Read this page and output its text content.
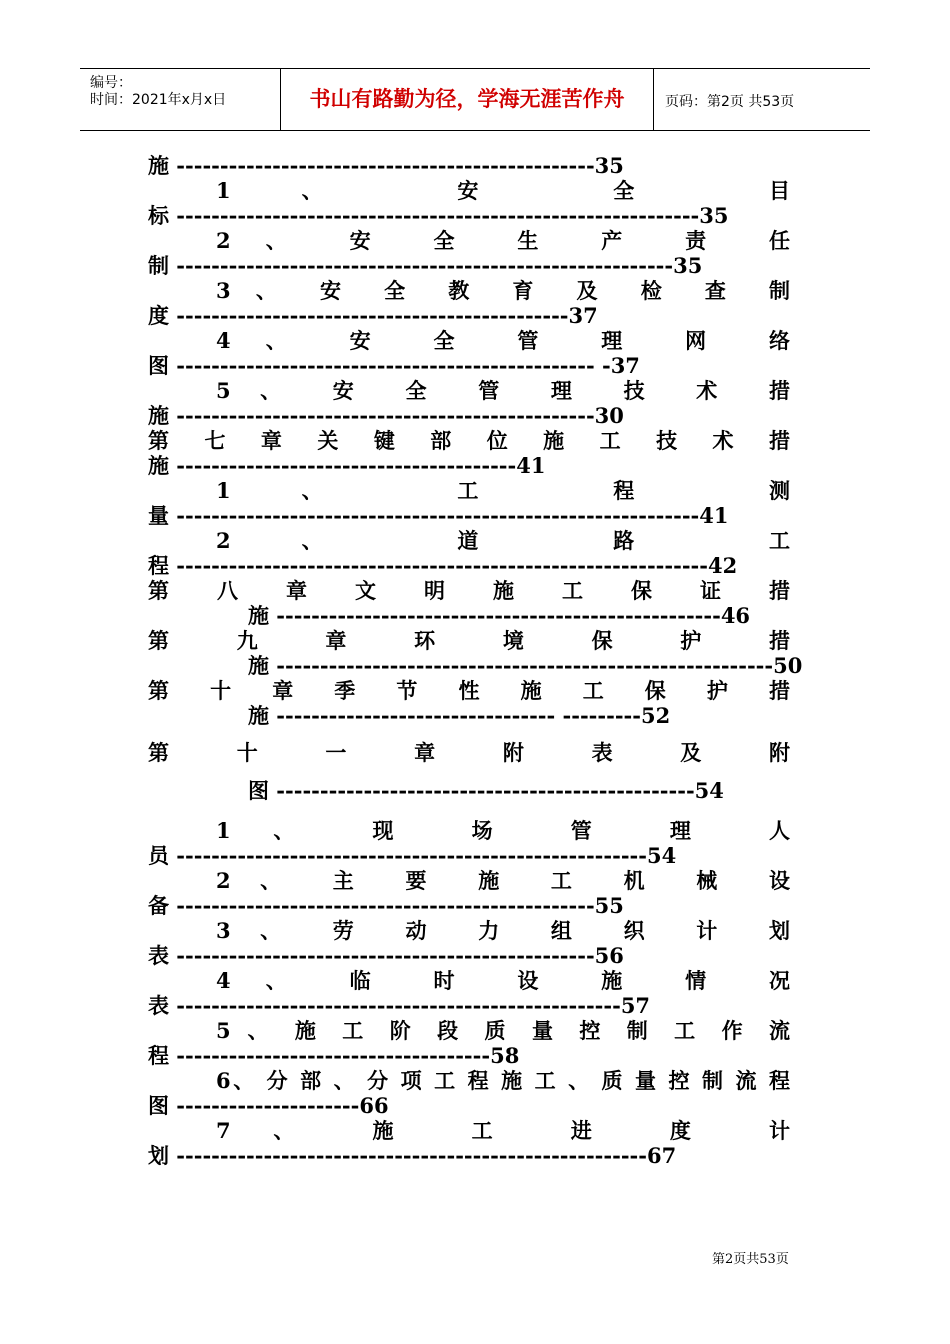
编号：
时间：2021年x月x日	书山有路勤为径，学海无涯苦作舟	页码：第2页 共53页
施 ------------------------------------------------35
1 、 安 全 目
标 ------------------------------------------------------------35
2 、 安 全 生 产 责 任
制 ---------------------------------------------------------35
3 、 安 全 教 育 及 检 查 制
度 ---------------------------------------------37
4 、 安 全 管 理 网 络
图 ------------------------------------------------ -37
5 、 安 全 管 理 技 术 措
施 ------------------------------------------------30
第 七 章 关 键 部 位 施 工 技 术 措
施 ---------------------------------------41
1 、 工 程 测
量 ------------------------------------------------------------41
2 、 道 路 工
程 -------------------------------------------------------------42
第 八 章 文 明 施 工 保 证 措
施 ---------------------------------------------------46
第 九 章 环 境 保 护 措
施 ---------------------------------------------------------50
第 十 章 季 节 性 施 工 保 护 措
施 -------------------------------- ---------52
第 十 一 章 附 表 及 附
图 ------------------------------------------------54
1 、 现 场 管 理 人
员 ------------------------------------------------------54
2 、 主 要 施 工 机 械 设
备 ------------------------------------------------55
3 、 劳 动 力 组 织 计 划
表 ------------------------------------------------56
4 、 临 时 设 施 情 况
表 ---------------------------------------------------57
5 、 施 工 阶 段 质 量 控 制 工 作 流
程 ------------------------------------58
6、 分 部 、 分 项 工 程 施 工 、 质 量 控 制 流 程
图 ---------------------66
7 、 施 工 进 度 计
划 ------------------------------------------------------67
第2页共53页
